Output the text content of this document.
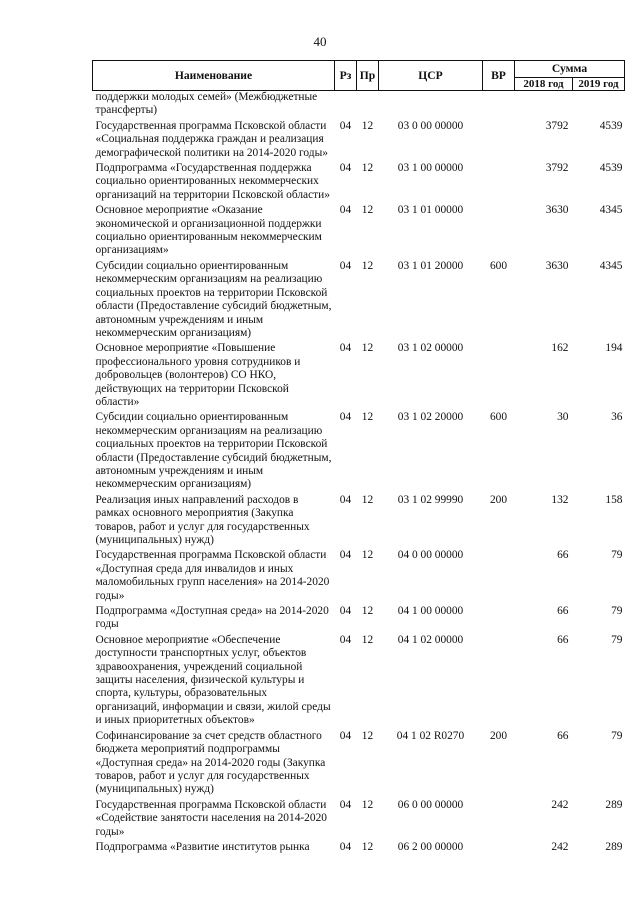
40
Наименование	Рз	Пр	ЦСР	ВР	Сумма	
					2018 год	2019 год
поддержки молодых семей» (Межбюджетные трансферты)						
Государственная программа Псковской области «Социальная поддержка граждан и реализация демографической политики на 2014-2020 годы»	04	12	03 0 00 00000		3792	4539
Подпрограмма «Государственная поддержка социально ориентированных некоммерческих организаций на территории Псковской области»	04	12	03 1 00 00000		3792	4539
Основное мероприятие «Оказание экономической и организационной поддержки социально ориентированным некоммерческим организациям»	04	12	03 1 01 00000		3630	4345
Субсидии социально ориентированным некоммерческим организациям на реализацию социальных проектов на территории Псковской области (Предоставление субсидий бюджетным, автономным учреждениям и иным некоммерческим организациям)	04	12	03 1 01 20000	600	3630	4345
Основное мероприятие «Повышение профессионального уровня сотрудников и добровольцев (волонтеров) СО НКО, действующих на территории Псковской области»	04	12	03 1 02 00000		162	194
Субсидии социально ориентированным некоммерческим организациям на реализацию социальных проектов на территории Псковской области (Предоставление субсидий бюджетным, автономным учреждениям и иным некоммерческим организациям)	04	12	03 1 02 20000	600	30	36
Реализация иных направлений расходов в рамках основного мероприятия (Закупка товаров, работ и услуг для государственных (муниципальных) нужд)	04	12	03 1 02 99990	200	132	158
Государственная программа Псковской области «Доступная среда для инвалидов и иных маломобильных групп населения» на 2014-2020 годы»	04	12	04 0 00 00000		66	79
Подпрограмма «Доступная среда» на 2014-2020 годы	04	12	04 1 00 00000		66	79
Основное мероприятие «Обеспечение доступности транспортных услуг, объектов здравоохранения, учреждений социальной защиты населения, физической культуры и спорта, культуры, образовательных организаций, информации и связи, жилой среды и иных приоритетных объектов»	04	12	04 1 02 00000		66	79
Софинансирование за счет средств областного бюджета мероприятий подпрограммы «Доступная среда» на 2014-2020 годы (Закупка товаров, работ и услуг для государственных (муниципальных) нужд)	04	12	04 1 02 R0270	200	66	79
Государственная программа Псковской области «Содействие занятости населения на 2014-2020 годы»	04	12	06 0 00 00000		242	289
Подпрограмма «Развитие институтов рынка	04	12	06 2 00 00000		242	289
